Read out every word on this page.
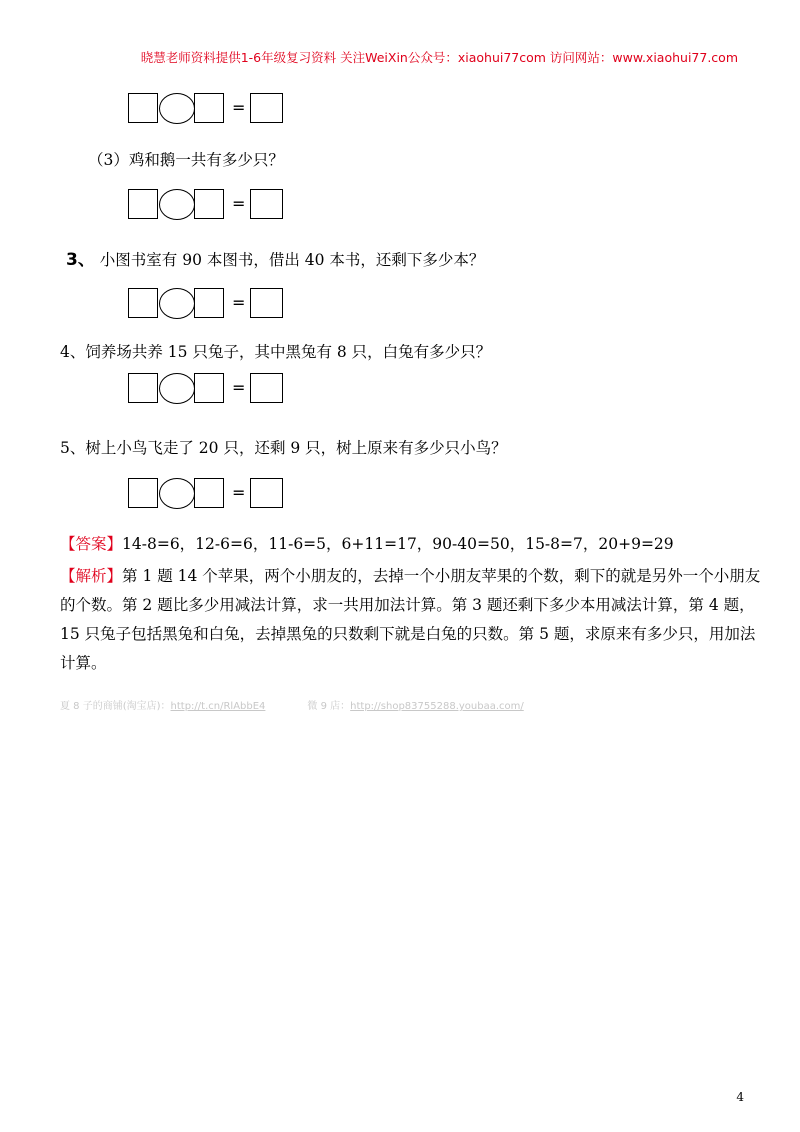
晓慧老师资料提供1-6年级复习资料 关注WeiXin公众号：xiaohui77com 访问网站：www.xiaohui77.com
=
（3）鸡和鹅一共有多少只？
=
3、 小图书室有 90 本图书，借出 40 本书，还剩下多少本？
=
4、饲养场共养 15 只兔子，其中黑兔有 8 只，白兔有多少只？
=
5、树上小鸟飞走了 20 只，还剩 9 只，树上原来有多少只小鸟？
=
【答案】14-8=6，12-6=6，11-6=5，6+11=17，90-40=50，15-8=7，20+9=29
【解析】第 1 题 14 个苹果，两个小朋友的，去掉一个小朋友苹果的个数，剩下的就是另外一个小朋友
的个数。第 2 题比多少用减法计算，求一共用加法计算。第 3 题还剩下多少本用减法计算，第 4 题，
15 只兔子包括黑兔和白兔，去掉黑兔的只数剩下就是白兔的只数。第 5 题，求原来有多少只，用加法
计算。
夏 8 子的商铺(淘宝店)：http://t.cn/RlAbbE4	微 9 店：http://shop83755288.youbaa.com/
4
